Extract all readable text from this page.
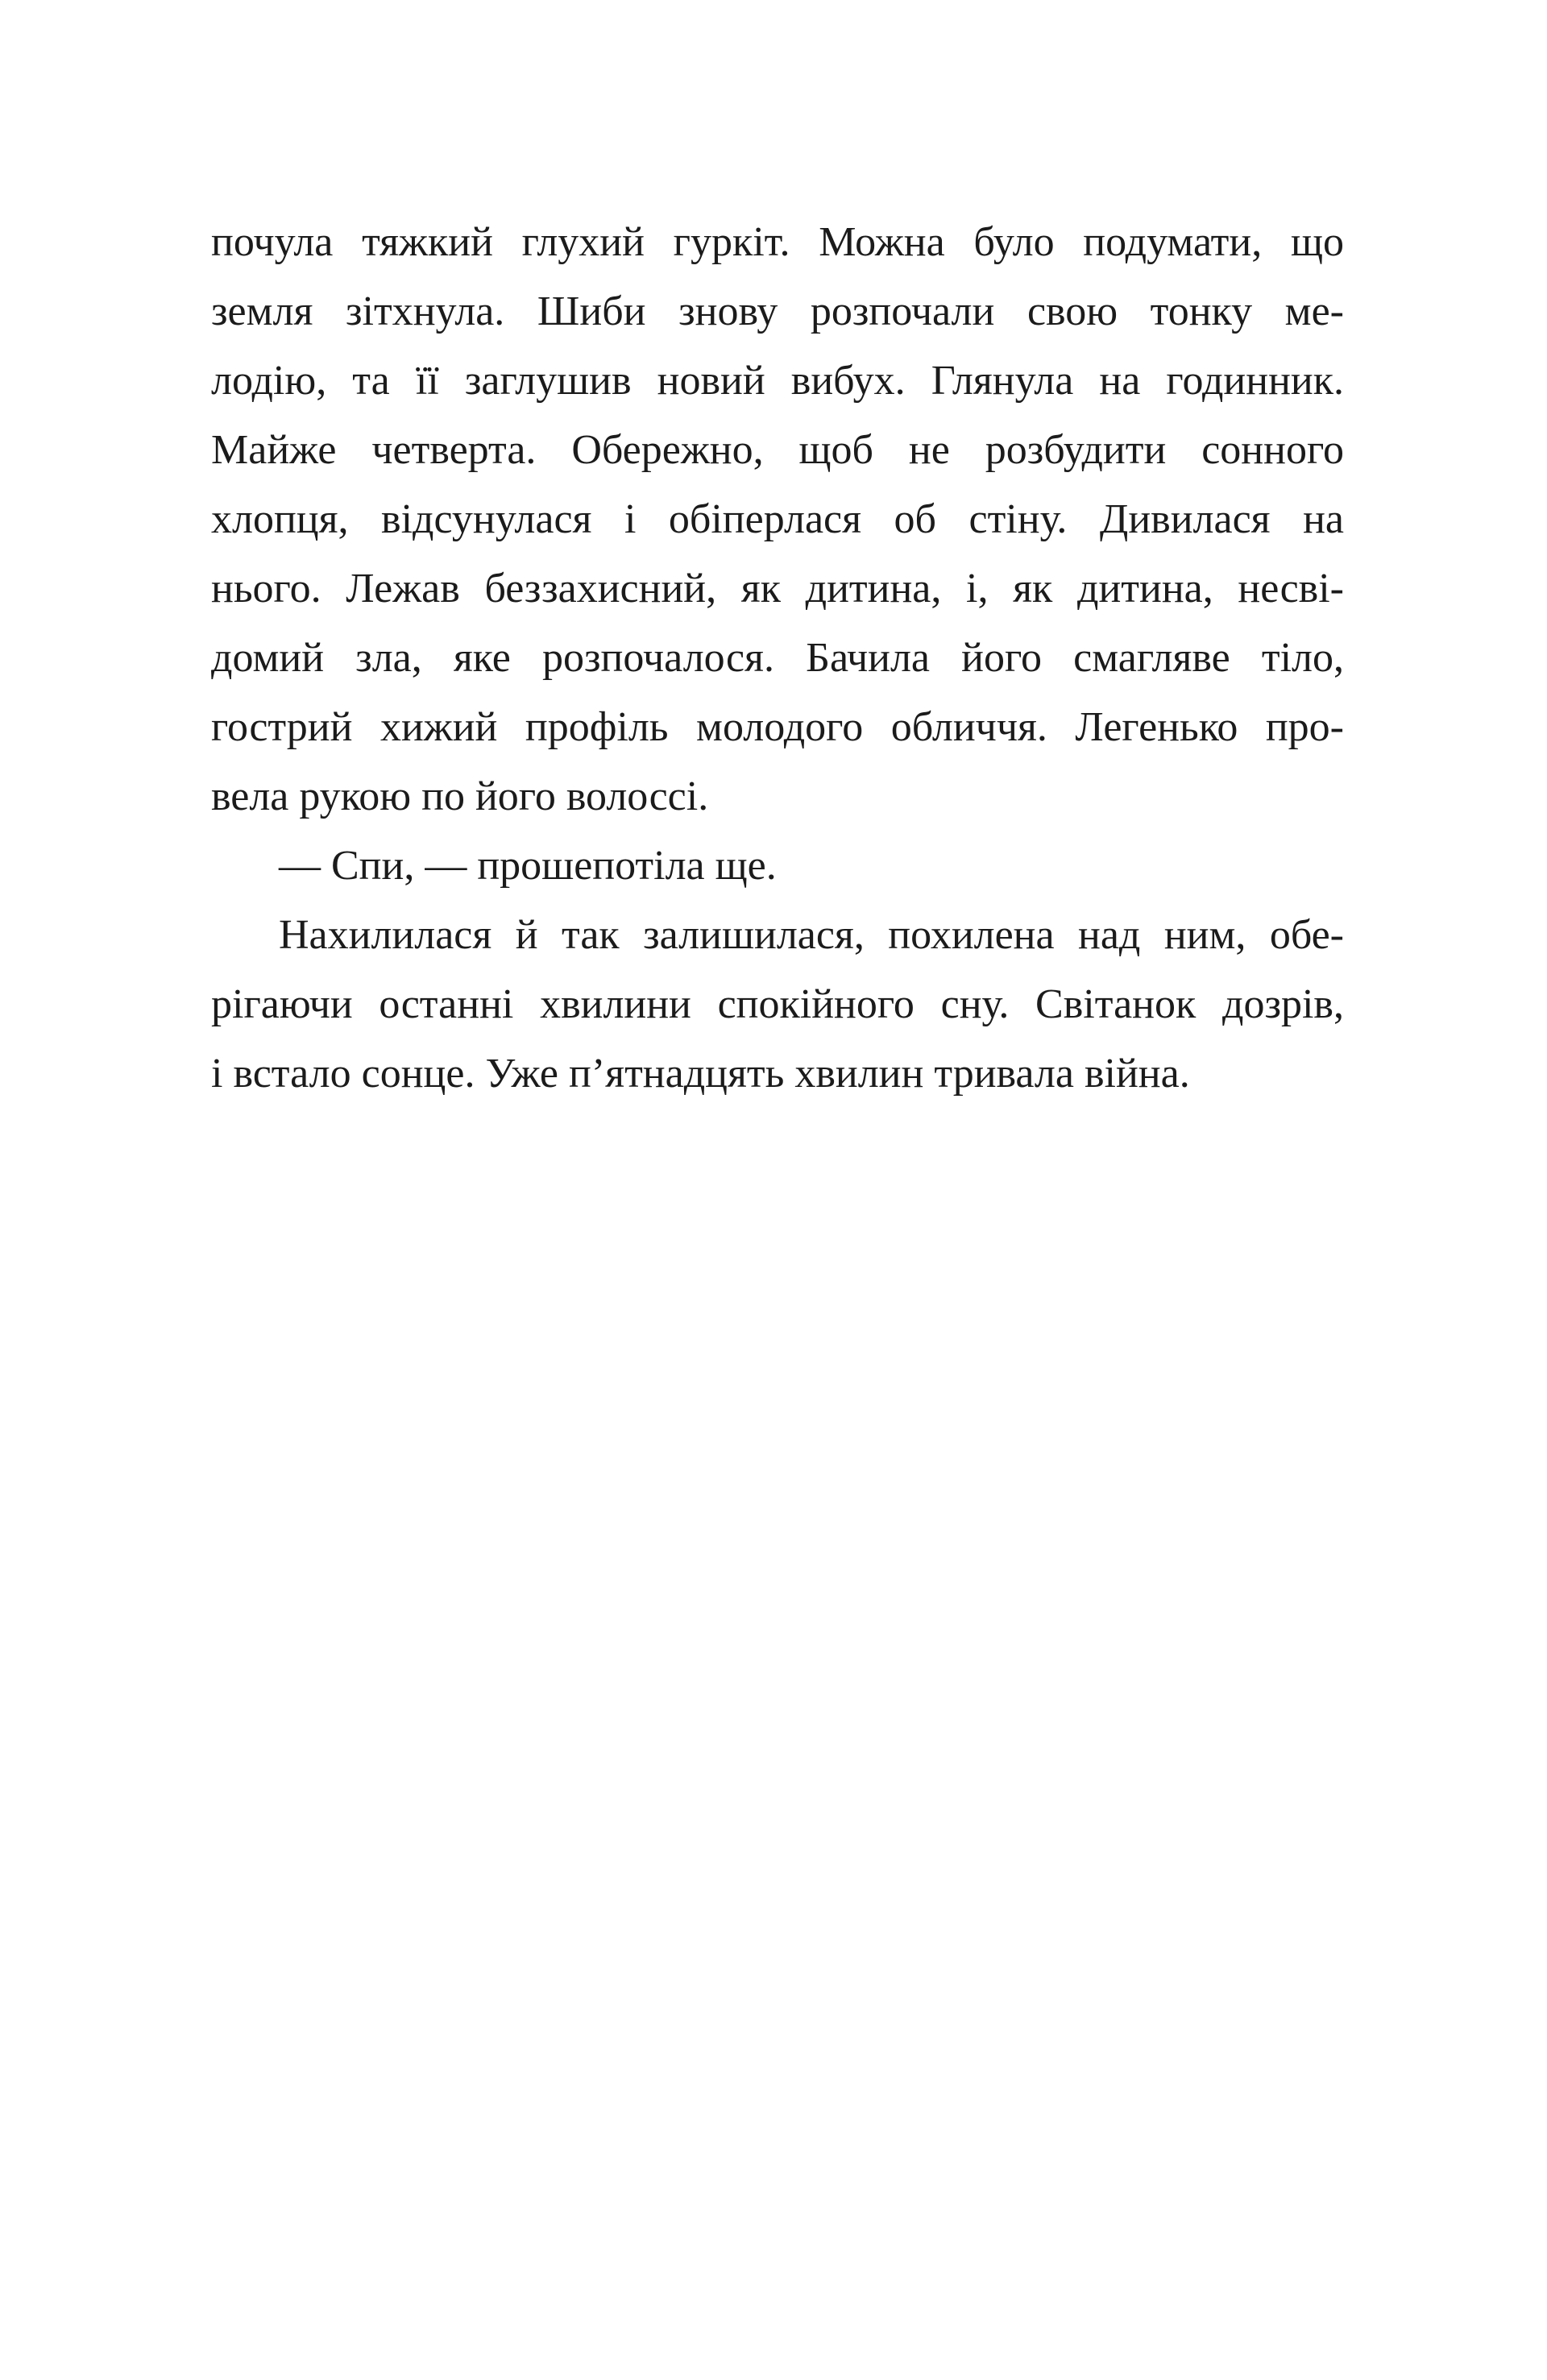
почула тяжкий глухий гуркіт. Можна було подумати, що
земля зітхнула. Шиби знову розпочали свою тонку ме-
лодію, та її заглушив новий вибух. Глянула на годинник.
Майже четверта. Обережно, щоб не розбудити сонного
хлопця, відсунулася і обіперлася об стіну. Дивилася на
нього. Лежав беззахисний, як дитина, і, як дитина, несві-
домий зла, яке розпочалося. Бачила його смагляве тіло,
гострий хижий профіль молодого обличчя. Легенько про-
вела рукою по його волоссі.
— Спи, — прошепотіла ще.
Нахилилася й так залишилася, похилена над ним, обе-
рігаючи останні хвилини спокійного сну. Світанок дозрів,
і встало сонце. Уже п’ятнадцять хвилин тривала війна.
